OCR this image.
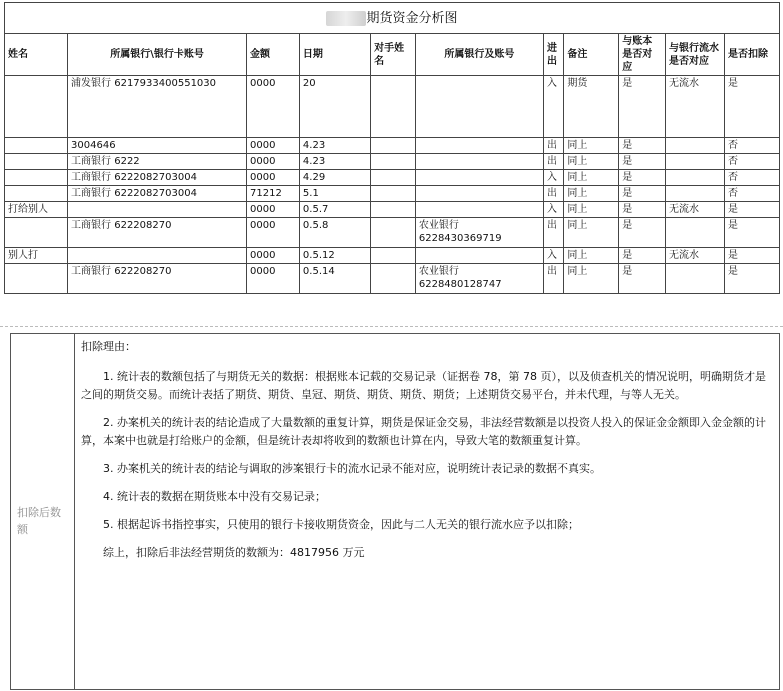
期货资金分析图										
姓名	所属银行\银行卡账号	金额	日期	对手姓名	所属银行及账号	进出	备注	与账本是否对应	与银行流水是否对应	是否扣除
	浦发银行 6217933400551030	0000	20			入	期货	是	无流水	是
	3004646	0000	4.23			出	同上	是		否
	工商银行 6222	0000	4.23			出	同上	是		否
	工商银行 6222082703004	0000	4.29			入	同上	是		否
	工商银行 6222082703004	71212	5.1			出	同上	是		否
打给别人		0000	0.5.7			入	同上	是	无流水	是
	工商银行 622208270	0000	0.5.8		农业银行 6228430369719	出	同上	是		是
别人打		0000	0.5.12			入	同上	是	无流水	是
	工商银行 622208270	0000	0.5.14		农业银行 6228480128747	出	同上	是		是
扣除后数额

扣除理由：

1. 统计表的数额包括了与期货无关的数据：根据账本记载的交易记录（证据卷 78，第 78 页），以及侦查机关的情况说明，明确期货才是之间的期货交易。而统计表括了期货、期货、皇冠、期货、期货、期货、期货；上述期货交易平台，并未代理，与等人无关。

2. 办案机关的统计表的结论造成了大量数额的重复计算，期货是保证金交易，非法经营数额是以投资人投入的保证金金额即入金金额的计算，本案中也就是打给账户的金额，但是统计表却将收到的数额也计算在内，导致大笔的数额重复计算。

3. 办案机关的统计表的结论与调取的涉案银行卡的流水记录不能对应，说明统计表记录的数据不真实。

4. 统计表的数据在期货账本中没有交易记录；

5. 根据起诉书指控事实，只使用的银行卡接收期货资金，因此与二人无关的银行流水应予以扣除；

综上，扣除后非法经营期货的数额为：4817956 万元
